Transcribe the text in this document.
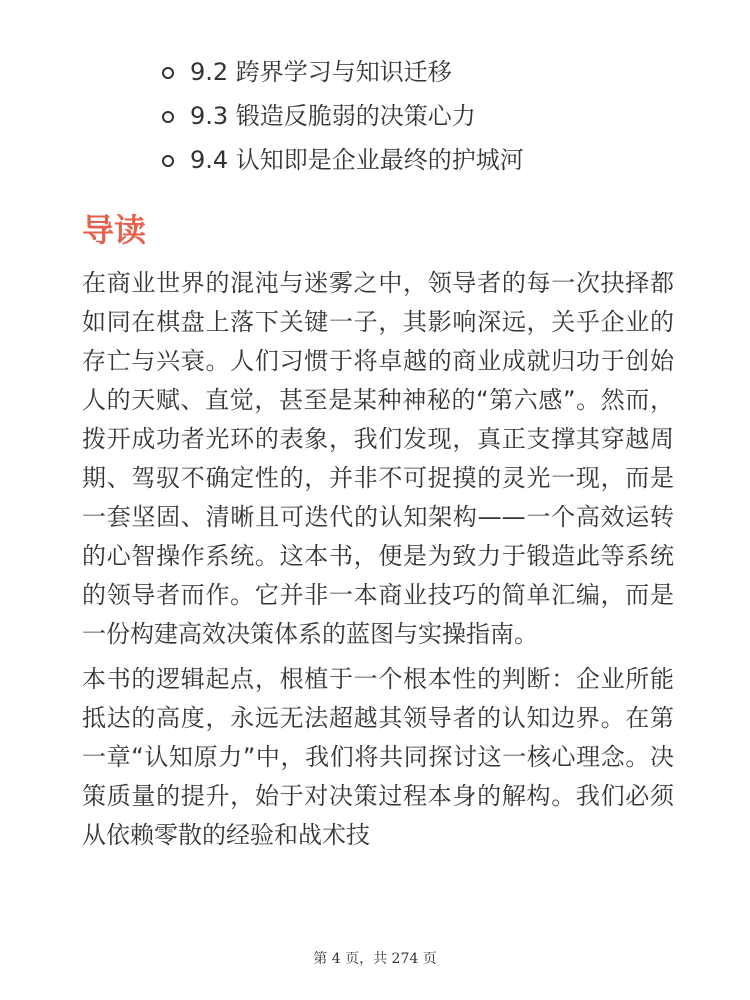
9.2 跨界学习与知识迁移
9.3 锻造反脆弱的决策心力
9.4 认知即是企业最终的护城河
导读

在商业世界的混沌与迷雾之中，领导者的每一次抉择都如同在棋盘上落下关键一子，其影响深远，关乎企业的存亡与兴衰。人们习惯于将卓越的商业成就归功于创始人的天赋、直觉，甚至是某种神秘的“第六感”。然而，拨开成功者光环的表象，我们发现，真正支撑其穿越周期、驾驭不确定性的，并非不可捉摸的灵光一现，而是一套坚固、清晰且可迭代的认知架构——一个高效运转的心智操作系统。这本书，便是为致力于锻造此等系统的领导者而作。它并非一本商业技巧的简单汇编，而是一份构建高效决策体系的蓝图与实操指南。

本书的逻辑起点，根植于一个根本性的判断：企业所能抵达的高度，永远无法超越其领导者的认知边界。在第一章“认知原力”中，我们将共同探讨这一核心理念。决策质量的提升，始于对决策过程本身的解构。我们必须从依赖零散的经验和战术技

第 4 页，共 274 页
